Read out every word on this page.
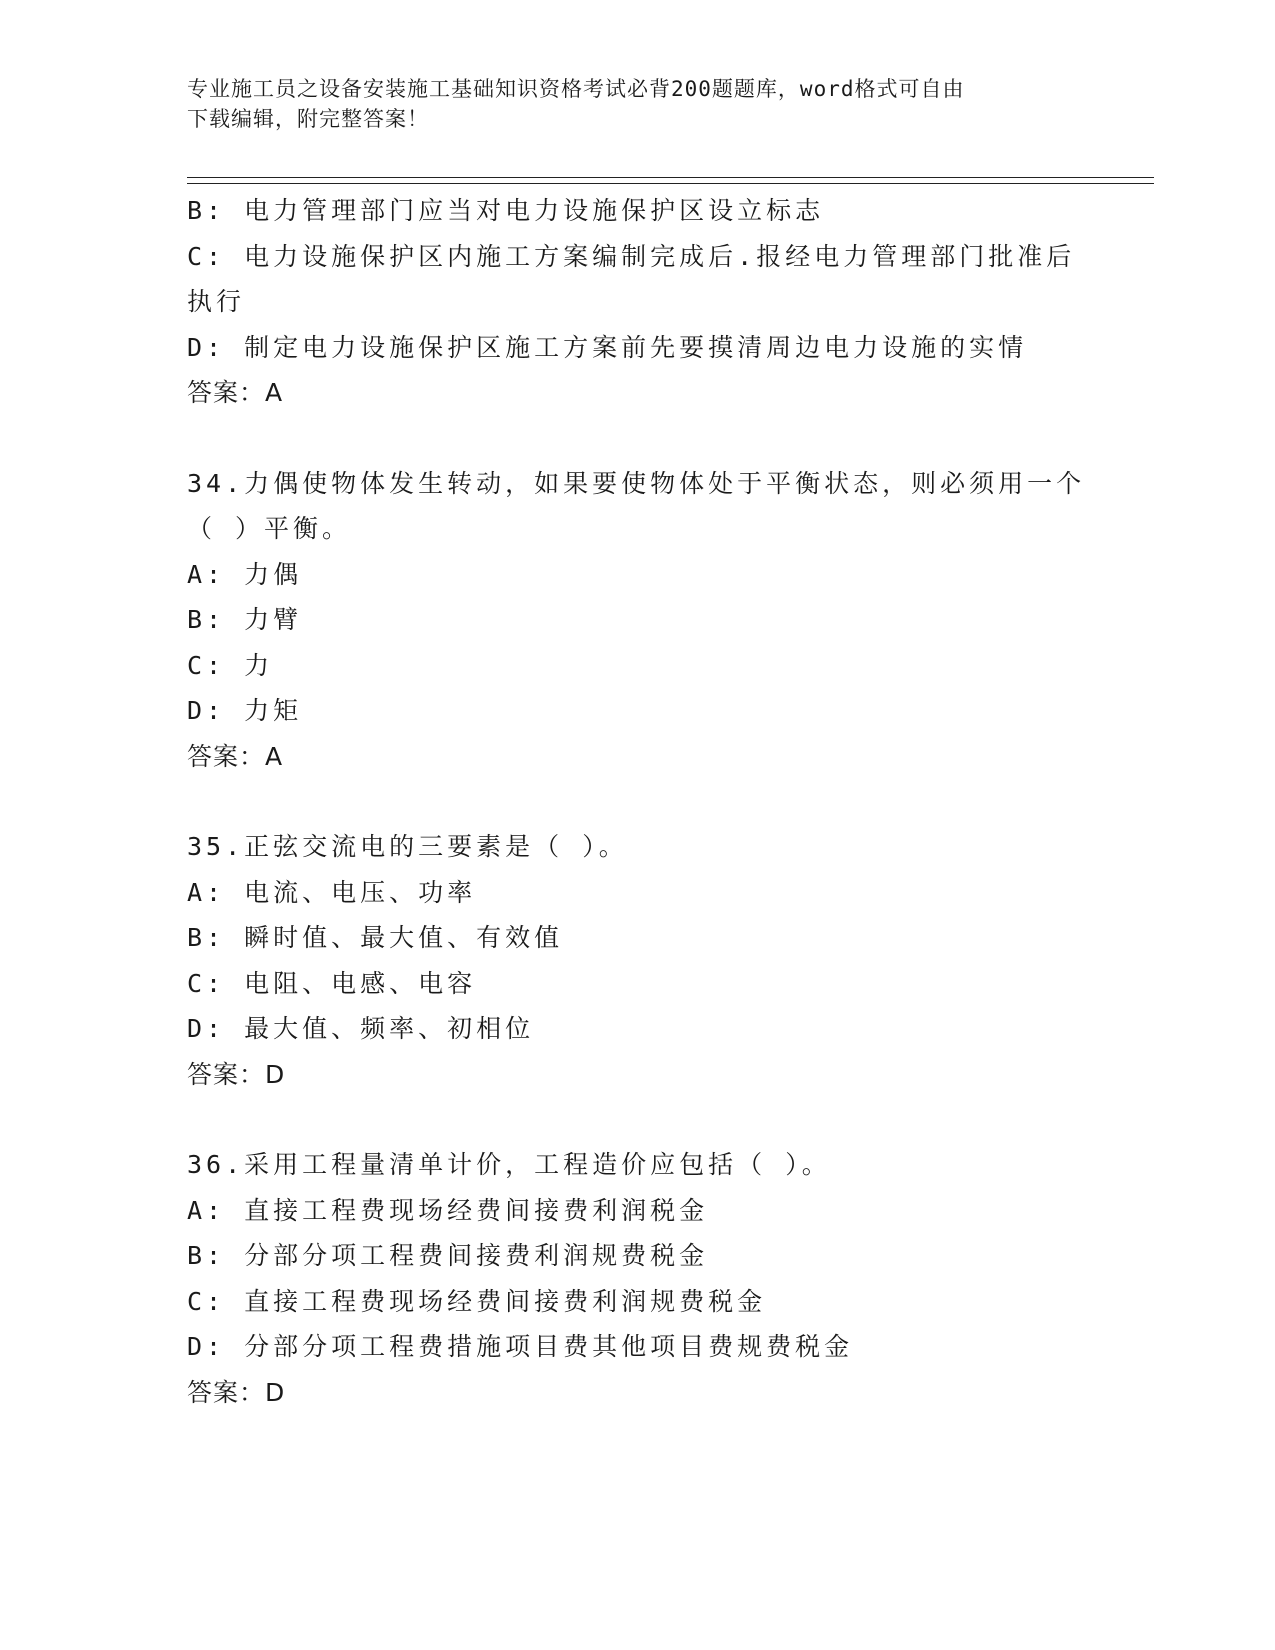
专业施工员之设备安装施工基础知识资格考试必背200题题库，word格式可自由
下载编辑，附完整答案！
B: 电力管理部门应当对电力设施保护区设立标志
C: 电力设施保护区内施工方案编制完成后.报经电力管理部门批准后
执行
D: 制定电力设施保护区施工方案前先要摸清周边电力设施的实情
答案：A
34.力偶使物体发生转动，如果要使物体处于平衡状态，则必须用一个
（ ）平衡。
A: 力偶
B: 力臂
C: 力
D: 力矩
答案：A
35.正弦交流电的三要素是（ ）。
A: 电流、电压、功率
B: 瞬时值、最大值、有效值
C: 电阻、电感、电容
D: 最大值、频率、初相位
答案：D
36.采用工程量清单计价，工程造价应包括（ ）。
A: 直接工程费现场经费间接费利润税金
B: 分部分项工程费间接费利润规费税金
C: 直接工程费现场经费间接费利润规费税金
D: 分部分项工程费措施项目费其他项目费规费税金
答案：D
